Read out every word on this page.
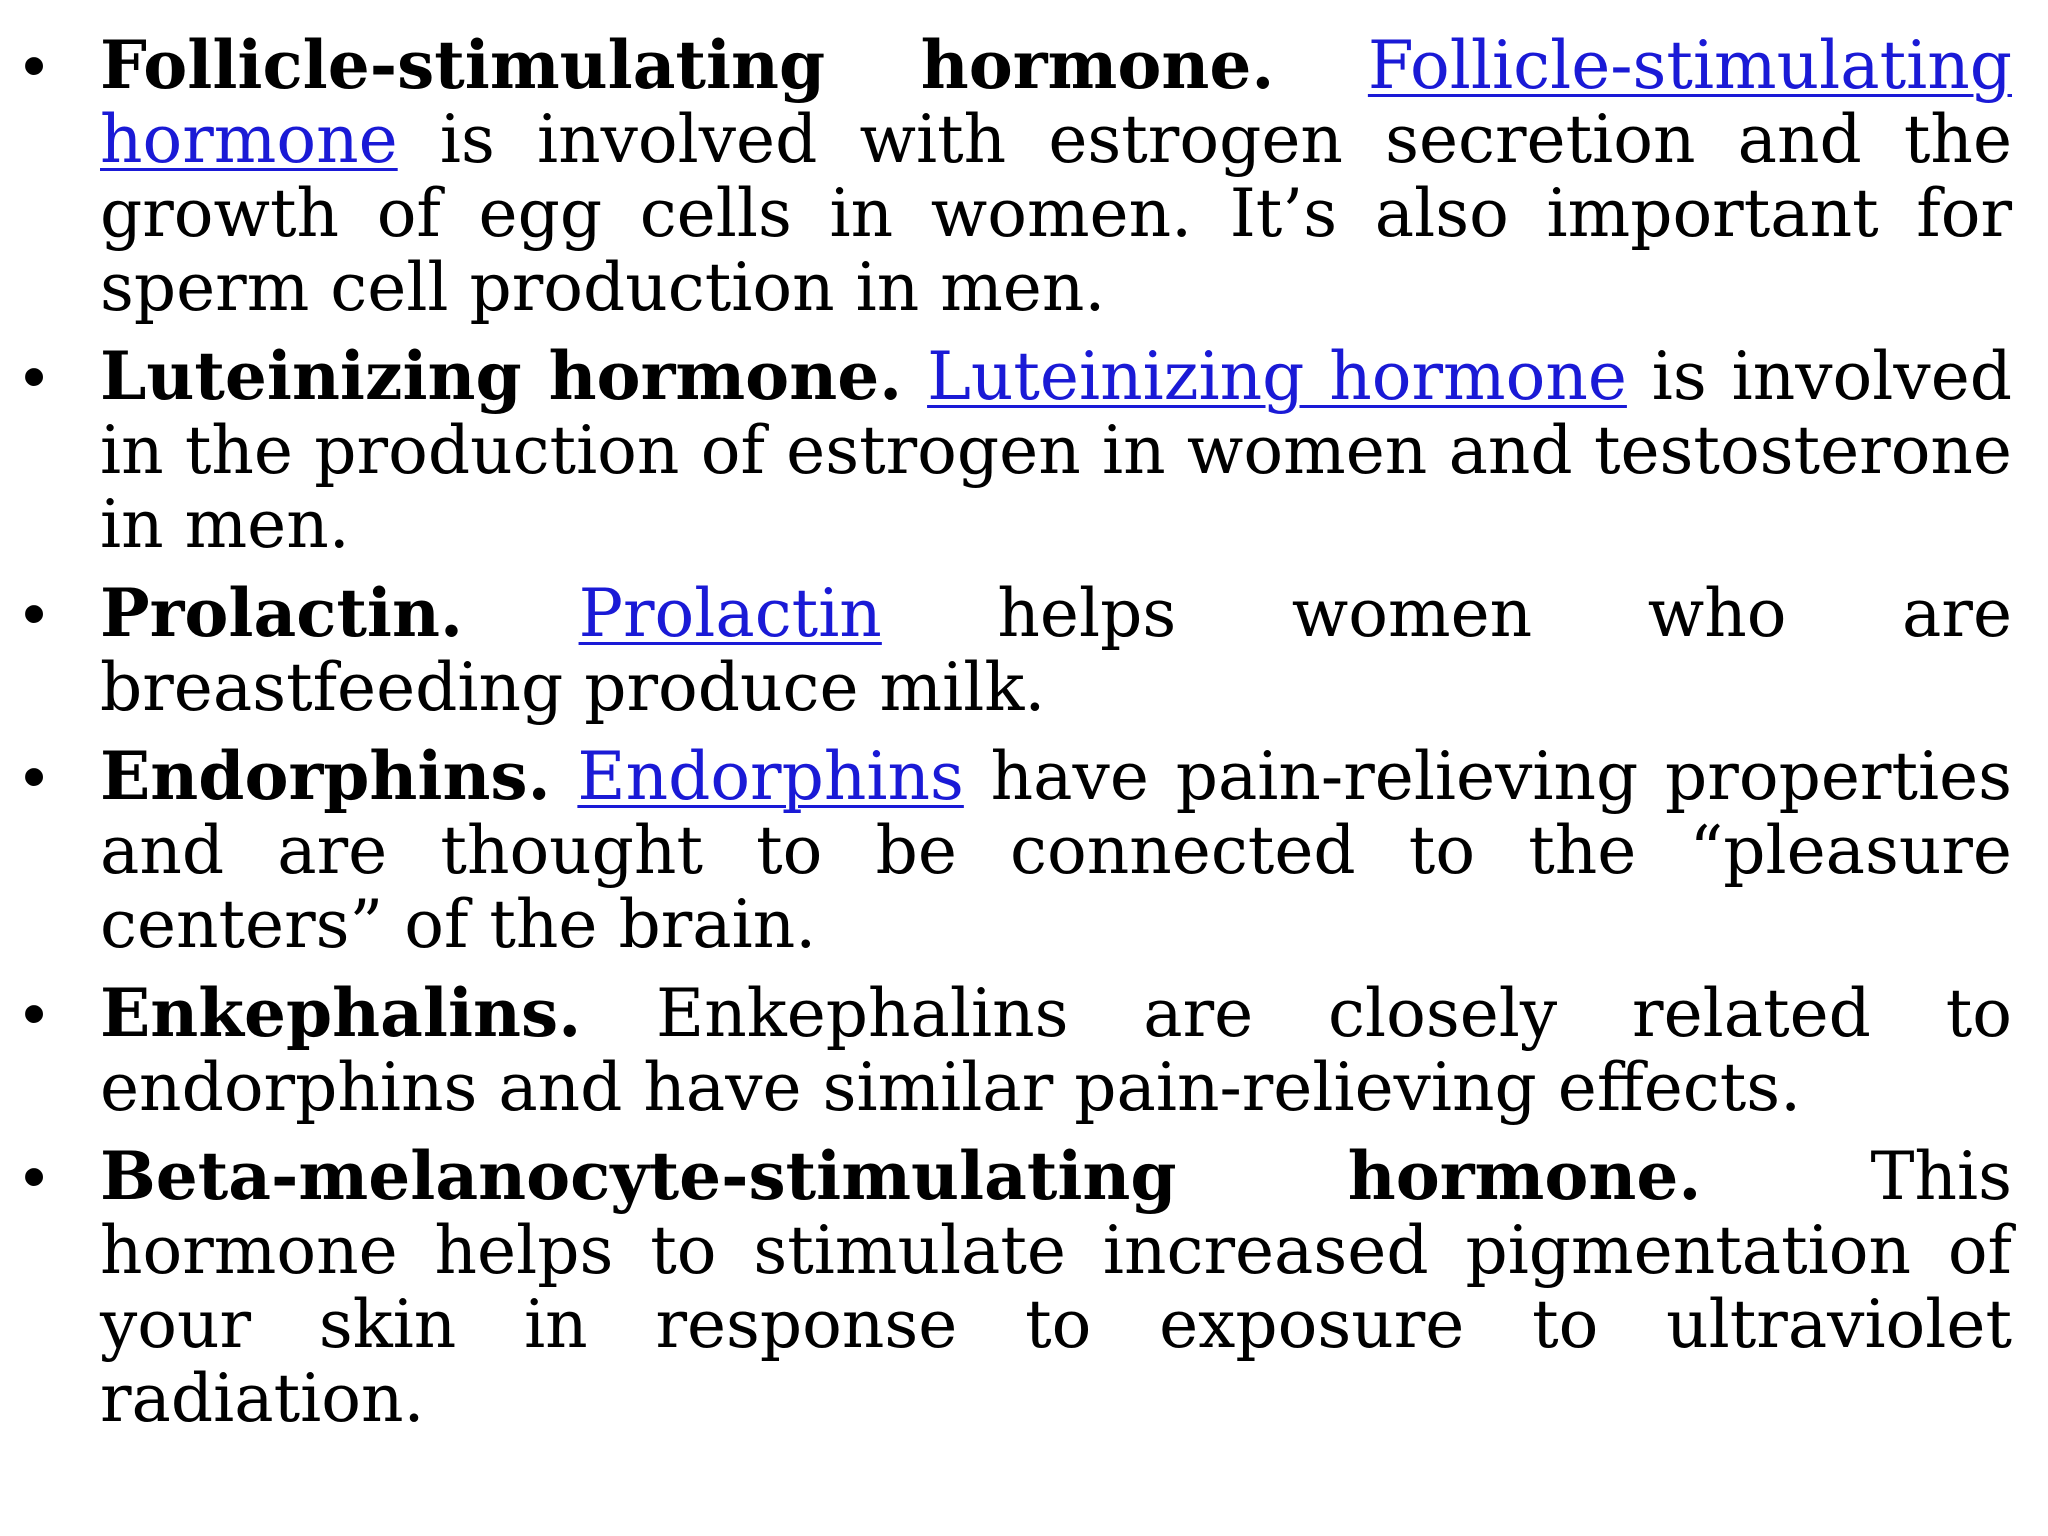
• Follicle-stimulating hormone. Follicle-stimulating hormone is involved with estrogen secretion and the growth of egg cells in women. It’s also important for sperm cell production in men.
• Luteinizing hormone. Luteinizing hormone is involved in the production of estrogen in women and testosterone in men.
• Prolactin. Prolactin helps women who are breastfeeding produce milk.
• Endorphins. Endorphins have pain-relieving properties and are thought to be connected to the “pleasure centers” of the brain.
• Enkephalins. Enkephalins are closely related to endorphins and have similar pain-relieving effects.
• Beta-melanocyte-stimulating hormone. This hormone helps to stimulate increased pigmentation of your skin in response to exposure to ultraviolet radiation.
